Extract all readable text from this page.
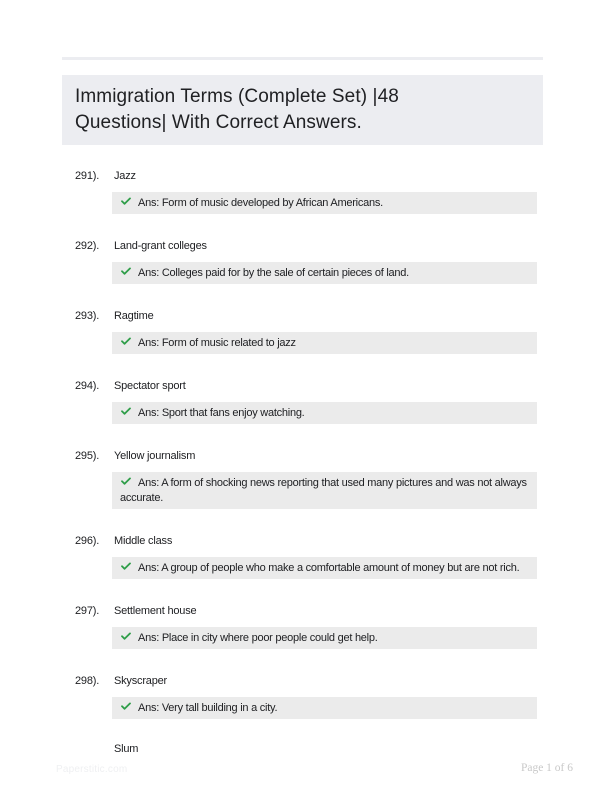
Immigration Terms (Complete Set) |48 Questions| With Correct Answers.
291). Jazz
Ans: Form of music developed by African Americans.
292). Land-grant colleges
Ans: Colleges paid for by the sale of certain pieces of land.
293). Ragtime
Ans: Form of music related to jazz
294). Spectator sport
Ans: Sport that fans enjoy watching.
295). Yellow journalism
Ans: A form of shocking news reporting that used many pictures and was not always accurate.
296). Middle class
Ans: A group of people who make a comfortable amount of money but are not rich.
297). Settlement house
Ans: Place in city where poor people could get help.
298). Skyscraper
Ans: Very tall building in a city.
Slum
Paperstitic.com	Page 1 of 6
